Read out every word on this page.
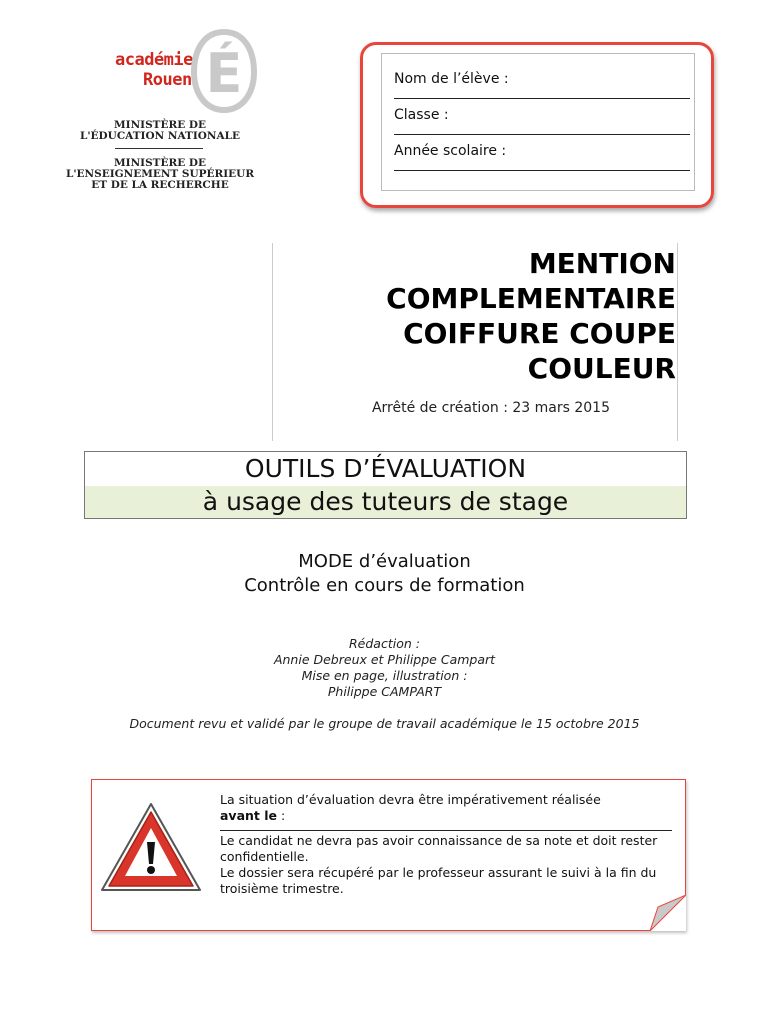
académie
Rouen É
MINISTÈRE DE
L'ÉDUCATION NATIONALE
MINISTÈRE DE
L'ENSEIGNEMENT SUPÉRIEUR
ET DE LA RECHERCHE
Nom de l’élève :
Classe :
Année scolaire :
MENTION
COMPLEMENTAIRE
COIFFURE COUPE
COULEUR
Arrêté de création : 23 mars 2015
OUTILS D’ÉVALUATION
à usage des tuteurs de stage
MODE d’évaluation
Contrôle en cours de formation
Rédaction :
Annie Debreux et Philippe Campart
Mise en page, illustration :
Philippe CAMPART
Document revu et validé par le groupe de travail académique le 15 octobre 2015
La situation d’évaluation devra être impérativement réalisée
avant le :
Le candidat ne devra pas avoir connaissance de sa note et doit rester confidentielle.
Le dossier sera récupéré par le professeur assurant le suivi à la fin du troisième trimestre.
